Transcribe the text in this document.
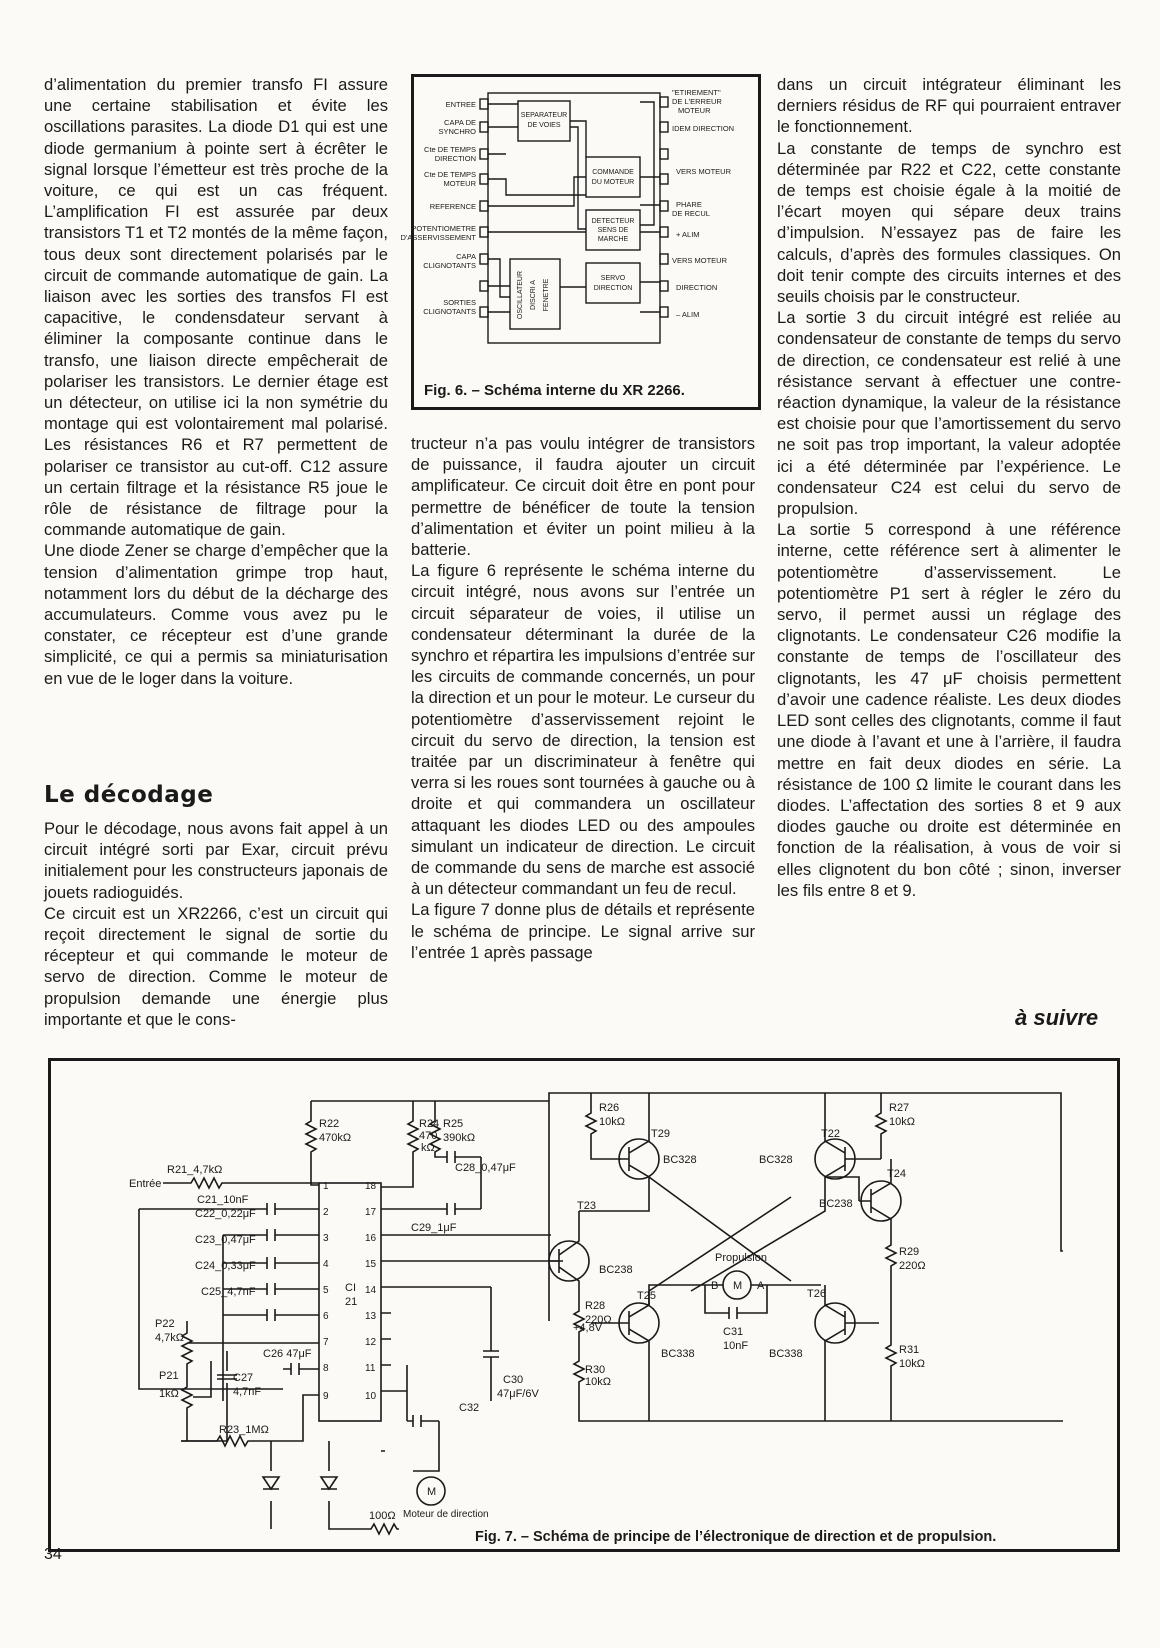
d’alimentation du premier transfo FI assure une certaine stabilisation et évite les oscillations parasites. La diode D1 qui est une diode germanium à pointe sert à écrêter le signal lorsque l’émetteur est très proche de la voiture, ce qui est un cas fréquent. L’amplification FI est assurée par deux transistors T1 et T2 montés de la même façon, tous deux sont directement polarisés par le circuit de commande automatique de gain. La liaison avec les sorties des transfos FI est capacitive, le condensdateur servant à éliminer la composante continue dans le transfo, une liaison directe empêcherait de polariser les transistors. Le dernier étage est un détecteur, on utilise ici la non symétrie du montage qui est volontairement mal polarisé. Les résistances R6 et R7 permettent de polariser ce transistor au cut-off. C12 assure un certain filtrage et la résistance R5 joue le rôle de résistance de filtrage pour la commande automatique de gain.

Une diode Zener se charge d’empêcher que la tension d’alimentation grimpe trop haut, notamment lors du début de la décharge des accumulateurs. Comme vous avez pu le constater, ce récepteur est d’une grande simplicité, ce qui a permis sa miniaturisation en vue de le loger dans la voiture.

Le décodage

Pour le décodage, nous avons fait appel à un circuit intégré sorti par Exar, circuit prévu initialement pour les constructeurs japonais de jouets radioguidés.

Ce circuit est un XR2266, c’est un circuit qui reçoit directement le signal de sortie du récepteur et qui commande le moteur de servo de direction. Comme le moteur de propulsion demande une énergie plus importante et que le cons-

ENTREE
CAPA DE
SYNCHRO
Cte DE TEMPS
DIRECTION
Cte DE TEMPS
MOTEUR
REFERENCE
POTENTIOMETRE
D'ASSERVISSEMENT
CAPA
CLIGNOTANTS
SORTIES
CLIGNOTANTS
"ETIREMENT"
DE L'ERREUR
MOTEUR
IDEM DIRECTION
VERS MOTEUR
PHARE
DE RECUL
+ ALIM
VERS MOTEUR
DIRECTION
– ALIM
SEPARATEUR
DE VOIES
COMMANDE
DU MOTEUR
DETECTEUR
SENS DE
MARCHE
SERVO
DIRECTION
OSCILLATEUR DISCRI A FENETRE
Fig. 6. – Schéma interne du XR 2266.

tructeur n’a pas voulu intégrer de transistors de puissance, il faudra ajouter un circuit amplificateur. Ce circuit doit être en pont pour permettre de bénéficer de toute la tension d’alimentation et éviter un point milieu à la batterie.

La figure 6 représente le schéma interne du circuit intégré, nous avons sur l’entrée un circuit séparateur de voies, il utilise un condensateur déterminant la durée de la synchro et répartira les impulsions d’entrée sur les circuits de commande concernés, un pour la direction et un pour le moteur. Le curseur du potentiomètre d’asservissement rejoint le circuit du servo de direction, la tension est traitée par un discriminateur à fenêtre qui verra si les roues sont tournées à gauche ou à droite et qui commandera un oscillateur attaquant les diodes LED ou des ampoules simulant un indicateur de direction. Le circuit de commande du sens de marche est associé à un détecteur commandant un feu de recul.

La figure 7 donne plus de détails et représente le schéma de principe. Le signal arrive sur l’entrée 1 après passage

dans un circuit intégrateur éliminant les derniers résidus de RF qui pourraient entraver le fonctionnement.

La constante de temps de synchro est déterminée par R22 et C22, cette constante de temps est choisie égale à la moitié de l’écart moyen qui sépare deux trains d’impulsion. N’essayez pas de faire les calculs, d’après des formules classiques. On doit tenir compte des circuits internes et des seuils choisis par le constructeur.

La sortie 3 du circuit intégré est reliée au condensateur de constante de temps du servo de direction, ce condensateur est relié à une résistance servant à effectuer une contre-réaction dynamique, la valeur de la résistance est choisie pour que l’amortissement du servo ne soit pas trop important, la valeur adoptée ici a été déterminée par l’expérience. Le condensateur C24 est celui du servo de propulsion.

La sortie 5 correspond à une référence interne, cette référence sert à alimenter le potentiomètre d’asservissement. Le potentiomètre P1 sert à régler le zéro du servo, il permet aussi un réglage des clignotants. Le condensateur C26 modifie la constante de temps de l’oscillateur des clignotants, les 47 μF choisis permettent d’avoir une cadence réaliste. Les deux diodes LED sont celles des clignotants, comme il faut une diode à l’avant et une à l’arrière, il faudra mettre en fait deux diodes en série. La résistance de 100 Ω limite le courant dans les diodes. L’affectation des sorties 8 et 9 aux diodes gauche ou droite est déterminée en fonction de la réalisation, à vous de voir si elles clignotent du bon côté ; sinon, inverser les fils entre 8 et 9.

à suivre
R21_4,7kΩ
Entrée
C21_10nF
C22_0,22μF
C23_0,47μF
C24_0,33μF
C25_4,7nF
P22
4,7kΩ
P21
1kΩ
C26 47μF
C27
4,7nF
R23_1MΩ
R22
470kΩ
R24
470
kΩ
R25
390kΩ
C28_0,47μF
C29_1μF
CI
21
+4,8V
C30
47μF/6V
C32
Moteur de direction
100Ω
M
T23
BC238
R28
220Ω
R30
10kΩ
R26
10kΩ
T29
BC328
T25
BC338
Propulsion
B M A
C31
10nF
T26
BC338
T22
BC328
R27
10kΩ
T24
BC238
R29
220Ω
R31
10kΩ
1
2
3
4
5
6
7
8
9
18
17
16
15
14
13
12
11
10
Fig. 7. – Schéma de principe de l’électronique de direction et de propulsion.
34
